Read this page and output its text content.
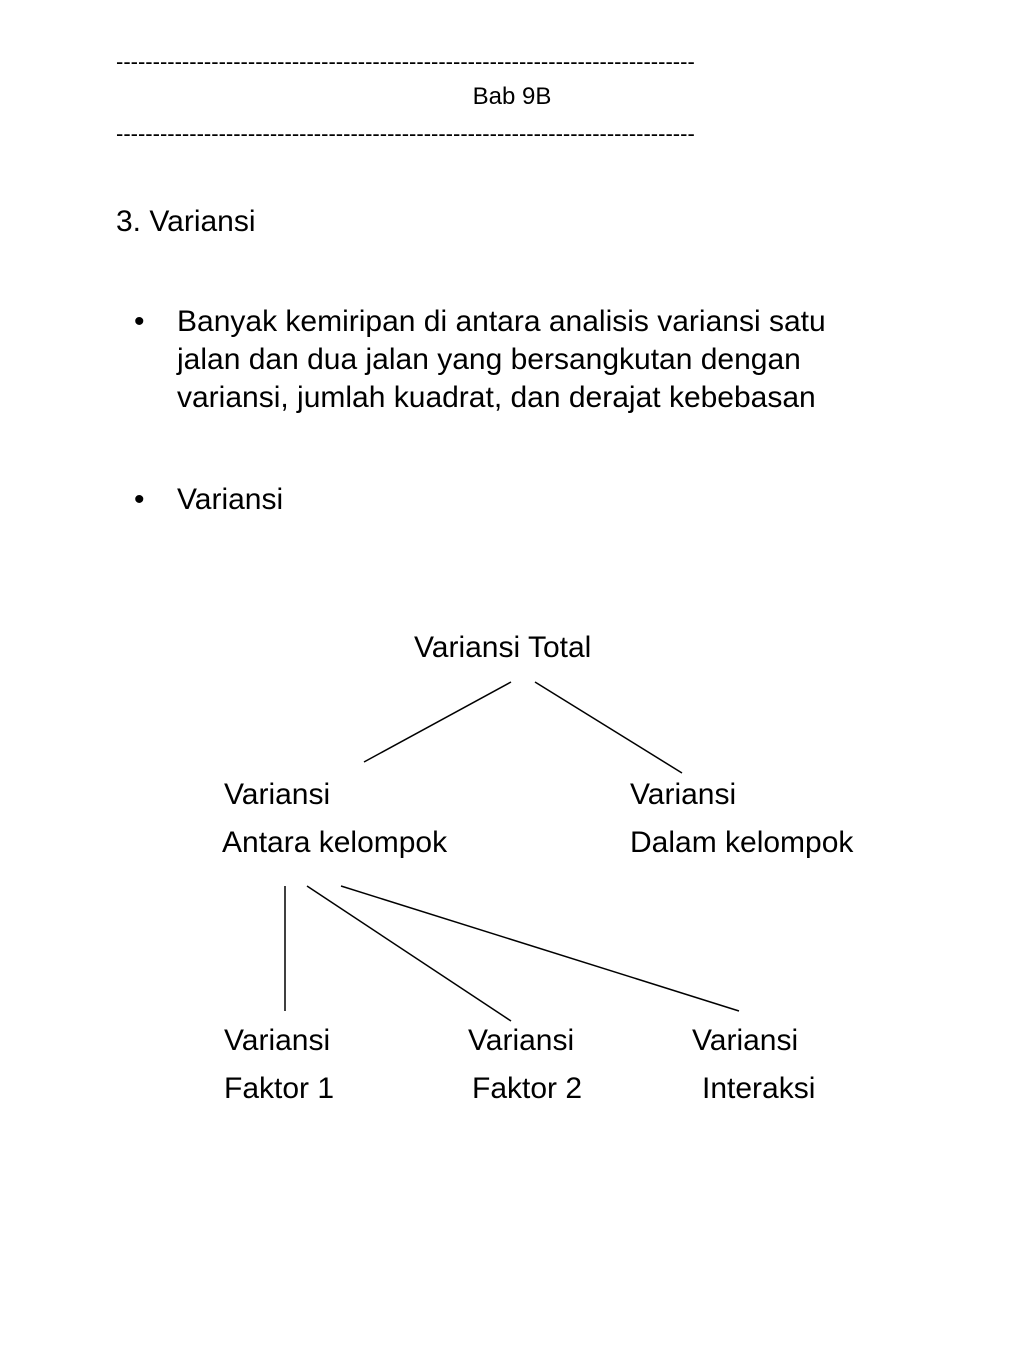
-------------------------------------------------------------------------------
Bab 9B
-------------------------------------------------------------------------------
3. Variansi
• Banyak kemiripan di antara analisis variansi satu
jalan dan dua jalan yang bersangkutan dengan
variansi, jumlah kuadrat, dan derajat kebebasan
• Variansi
Variansi Total
Variansi
Antara kelompok
Variansi
Dalam kelompok
Variansi
Faktor 1
Variansi
Faktor 2
Variansi
Interaksi
